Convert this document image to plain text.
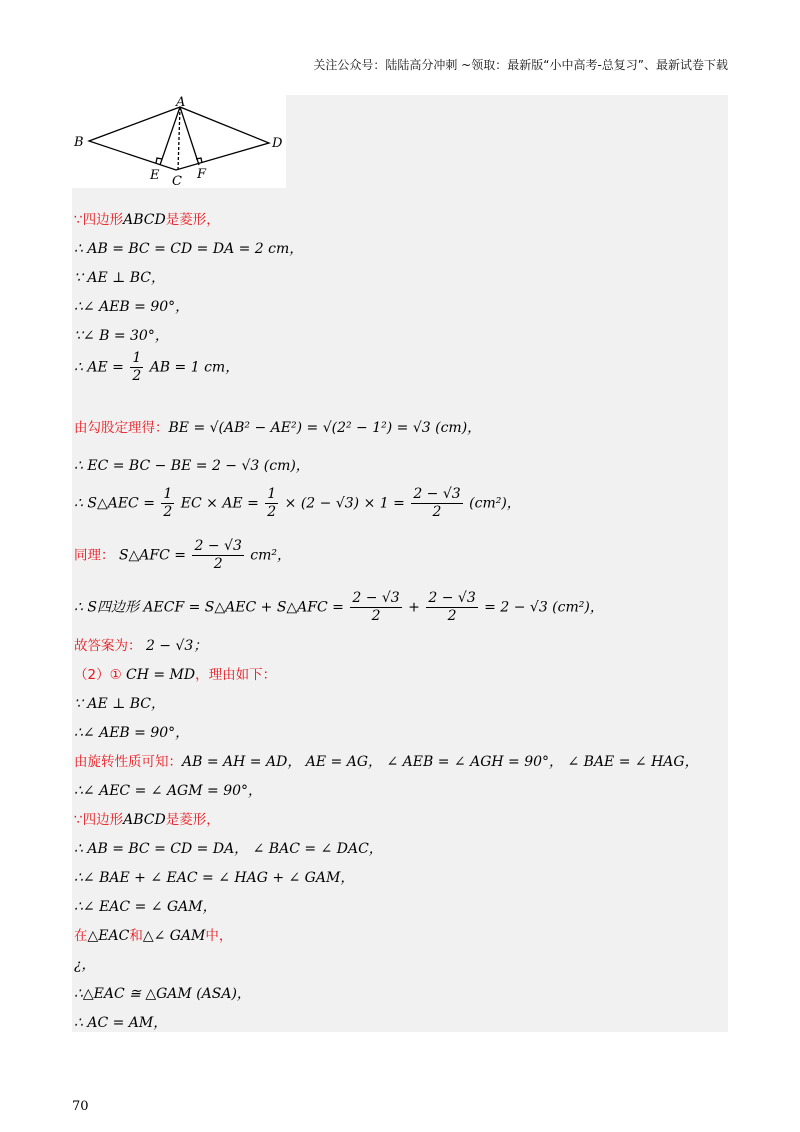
关注公众号：陆陆高分冲刺 ~领取：最新版“小中高考-总复习”、最新试卷下载
A
B
C
D
E	F
∵四边形ABCD是菱形，
∴ AB = BC = CD = DA = 2 cm，
∵ AE ⊥ BC，
∴∠ AEB = 90°，
∵∠ B = 30°，
∴ AE = $\frac{1}{2}$ AB = 1 cm，
由勾股定理得：BE = √(AB² − AE²) = √(2² − 1²) = √3 (cm)，
∴ EC = BC − BE = 2 − √3 (cm)，
∴ S△AEC = $\frac{1}{2}$ EC × AE = $\frac{1}{2} \times (2 - √3) \times 1 = \frac{2 - √3}{2} (cm^2)$，
同理： S△AFC = $\frac{2 - √3}{2} cm^2$，
∴ S四边形 AECF = S△AEC + S△AFC = $\frac{2 - √3}{2} + \frac{2 - √3}{2} = 2 - √3$ (cm²)，
故答案为： 2 − √3；
（2）① CH = MD，理由如下：
∵ AE ⊥ BC，
∴∠ AEB = 90°，
由旋转性质可知：AB = AH = AD， AE = AG， ∠ AEB = ∠ AGH = 90°， ∠ BAE = ∠ HAG，
∴∠ AEC = ∠ AGM = 90°，
∵四边形ABCD是菱形，
∴ AB = BC = CD = DA， ∠ BAC = ∠ DAC，
∴∠ BAE + ∠ EAC = ∠ HAG + ∠ GAM，
∴∠ EAC = ∠ GAM，
在△EAC和△∠ GAM中，
¿，
∴△EAC ≅ △GAM (ASA)，
∴ AC = AM，
70
